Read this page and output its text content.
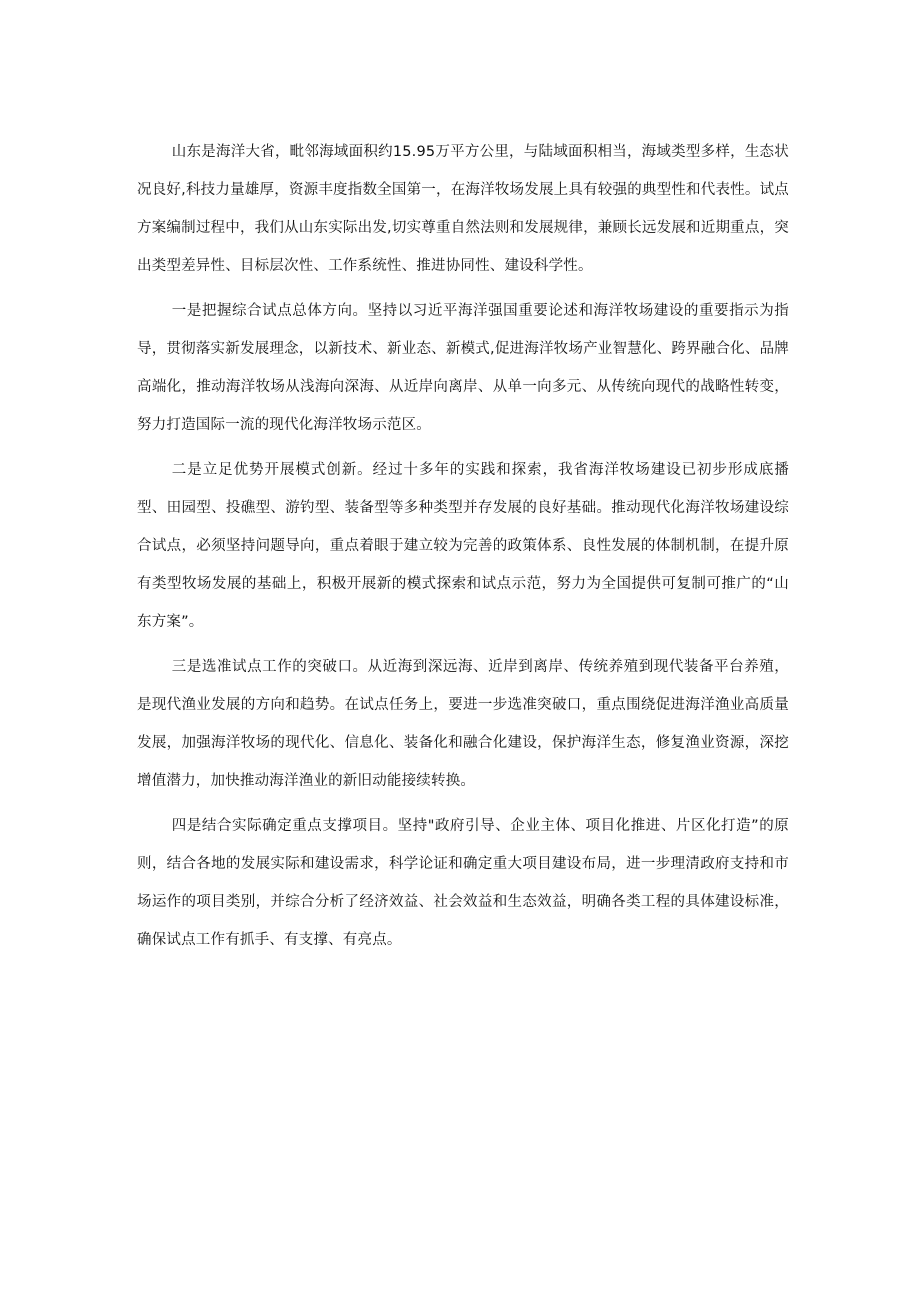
山东是海洋大省，毗邻海域面积约15.95万平方公里，与陆域面积相当，海域类型多样，生态状况良好,科技力量雄厚，资源丰度指数全国第一，在海洋牧场发展上具有较强的典型性和代表性。试点方案编制过程中，我们从山东实际出发,切实尊重自然法则和发展规律，兼顾长远发展和近期重点，突出类型差异性、目标层次性、工作系统性、推进协同性、建设科学性。

一是把握综合试点总体方向。坚持以习近平海洋强国重要论述和海洋牧场建设的重要指示为指导，贯彻落实新发展理念，以新技术、新业态、新模式,促进海洋牧场产业智慧化、跨界融合化、品牌高端化，推动海洋牧场从浅海向深海、从近岸向离岸、从单一向多元、从传统向现代的战略性转变，努力打造国际一流的现代化海洋牧场示范区。

二是立足优势开展模式创新。经过十多年的实践和探索，我省海洋牧场建设已初步形成底播型、田园型、投礁型、游钓型、装备型等多种类型并存发展的良好基础。推动现代化海洋牧场建设综合试点，必须坚持问题导向，重点着眼于建立较为完善的政策体系、良性发展的体制机制，在提升原有类型牧场发展的基础上，积极开展新的模式探索和试点示范，努力为全国提供可复制可推广的“山东方案”。

三是选准试点工作的突破口。从近海到深远海、近岸到离岸、传统养殖到现代装备平台养殖，是现代渔业发展的方向和趋势。在试点任务上，要进一步选准突破口，重点围绕促进海洋渔业高质量发展，加强海洋牧场的现代化、信息化、装备化和融合化建设，保护海洋生态，修复渔业资源，深挖增值潜力，加快推动海洋渔业的新旧动能接续转换。

四是结合实际确定重点支撑项目。坚持"政府引导、企业主体、项目化推进、片区化打造”的原则，结合各地的发展实际和建设需求，科学论证和确定重大项目建设布局，进一步理清政府支持和市场运作的项目类别，并综合分析了经济效益、社会效益和生态效益，明确各类工程的具体建设标准，确保试点工作有抓手、有支撑、有亮点。
